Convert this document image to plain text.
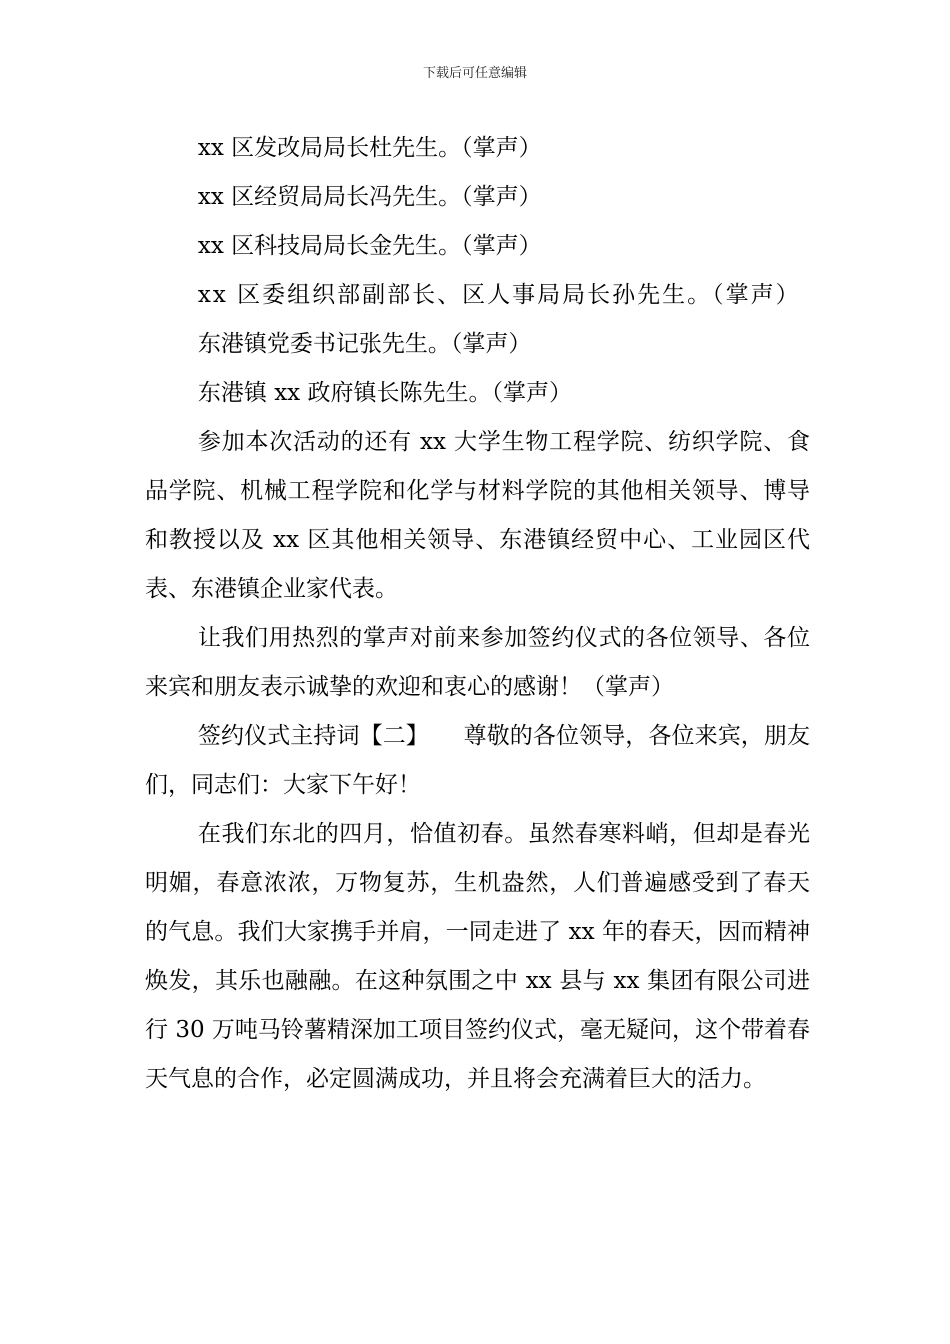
下载后可任意编辑

xx 区发改局局长杜先生。（掌声）

xx 区经贸局局长冯先生。（掌声）

xx 区科技局局长金先生。（掌声）

xx 区委组织部副部长、区人事局局长孙先生。（掌声）

东港镇党委书记张先生。（掌声）

东港镇 xx 政府镇长陈先生。（掌声）

参加本次活动的还有 xx 大学生物工程学院、纺织学院、食品学院、机械工程学院和化学与材料学院的其他相关领导、博导和教授以及 xx 区其他相关领导、东港镇经贸中心、工业园区代表、东港镇企业家代表。

让我们用热烈的掌声对前来参加签约仪式的各位领导、各位来宾和朋友表示诚挚的欢迎和衷心的感谢！（掌声）

签约仪式主持词【二】　　尊敬的各位领导，各位来宾，朋友们，同志们：大家下午好！

在我们东北的四月，恰值初春。虽然春寒料峭，但却是春光明媚，春意浓浓，万物复苏，生机盎然，人们普遍感受到了春天的气息。我们大家携手并肩，一同走进了 xx 年的春天，因而精神焕发，其乐也融融。在这种氛围之中 xx 县与 xx 集团有限公司进行 30 万吨马铃薯精深加工项目签约仪式，毫无疑问，这个带着春天气息的合作，必定圆满成功，并且将会充满着巨大的活力。
